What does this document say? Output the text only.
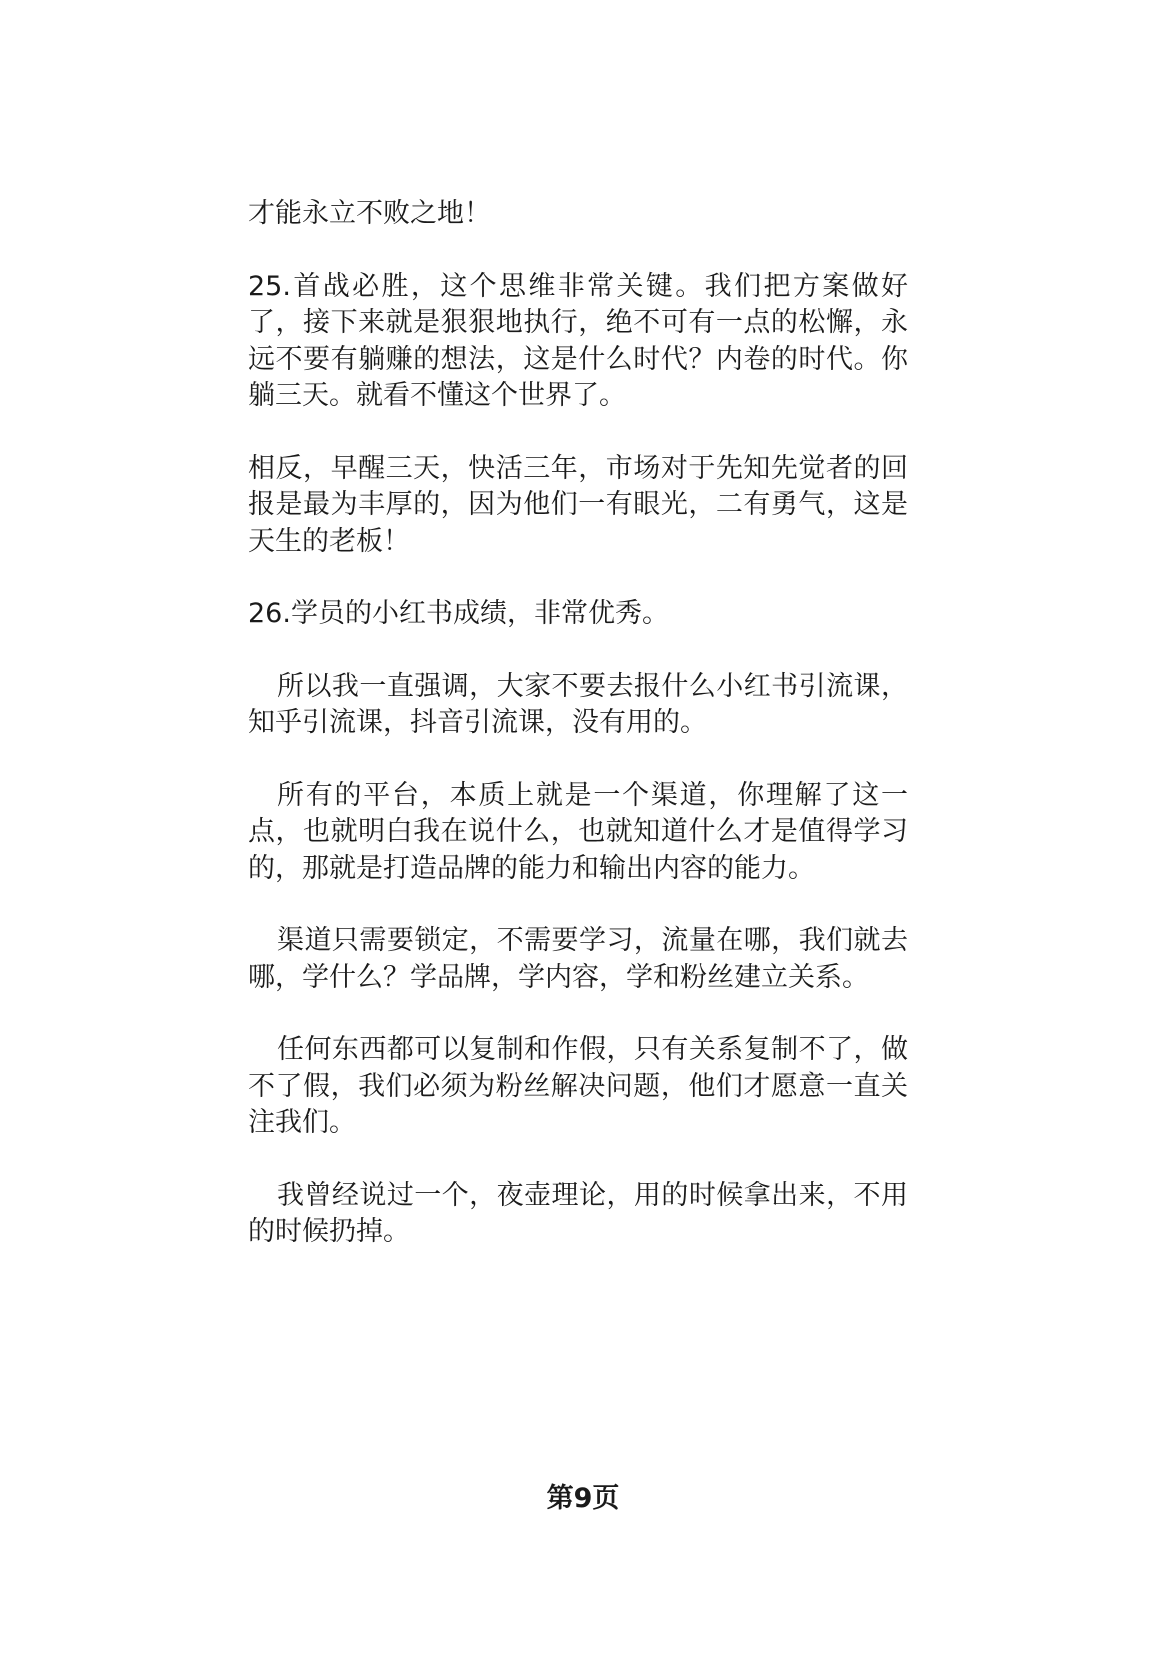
才能永立不败之地！

25.首战必胜，这个思维非常关键。我们把方案做好了，接下来就是狠狠地执行，绝不可有一点的松懈，永远不要有躺赚的想法，这是什么时代？内卷的时代。你躺三天。就看不懂这个世界了。

相反，早醒三天，快活三年，市场对于先知先觉者的回报是最为丰厚的，因为他们一有眼光，二有勇气，这是天生的老板！

26.学员的小红书成绩，非常优秀。

所以我一直强调，大家不要去报什么小红书引流课，知乎引流课，抖音引流课，没有用的。

所有的平台，本质上就是一个渠道，你理解了这一点，也就明白我在说什么，也就知道什么才是值得学习的，那就是打造品牌的能力和输出内容的能力。

渠道只需要锁定，不需要学习，流量在哪，我们就去哪，学什么？学品牌，学内容，学和粉丝建立关系。

任何东西都可以复制和作假，只有关系复制不了，做不了假，我们必须为粉丝解决问题，他们才愿意一直关注我们。

我曾经说过一个，夜壶理论，用的时候拿出来，不用的时候扔掉。

第9页
